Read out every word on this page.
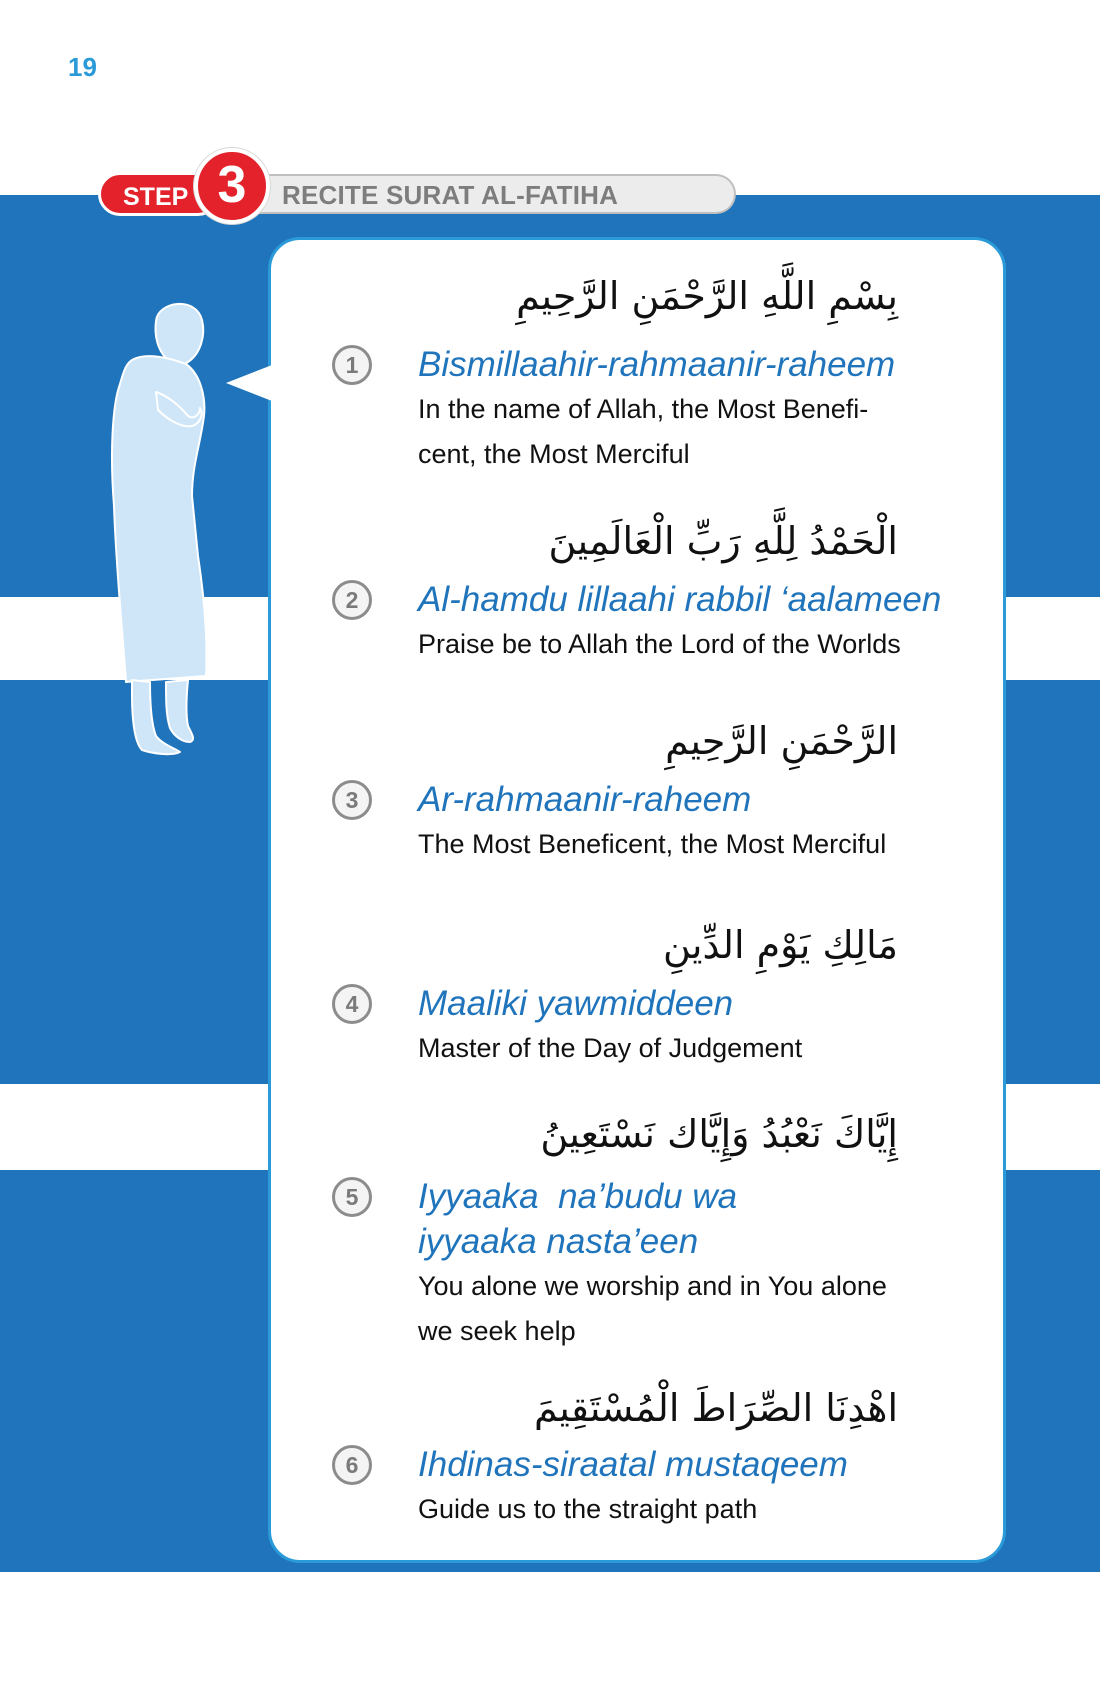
19
RECITE SURAT AL-FATIHA
STEP 3
بِسْمِ اللَّهِ الرَّحْمَنِ الرَّحِيمِ
1	Bismillaahir-rahmaanir-raheem
In the name of Allah, the Most Benefi-cent, the Most Merciful
الْحَمْدُ لِلَّهِ رَبِّ الْعَالَمِينَ
2	Al-hamdu lillaahi rabbil ‘aalameen
Praise be to Allah the Lord of the Worlds
الرَّحْمَنِ الرَّحِيمِ
3	Ar-rahmaanir-raheem
The Most Beneficent, the Most Merciful
مَالِكِ يَوْمِ الدِّينِ
4	Maaliki yawmiddeen
Master of the Day of Judgement
إِيَّاكَ نَعْبُدُ وَإِيَّاك نَسْتَعِينُ
5	Iyyaaka  na’budu wa iyyaaka nasta’een
You alone we worship and in You alone we seek help
اهْدِنَا الصِّرَاطَ الْمُسْتَقِيمَ
6	Ihdinas-siraatal mustaqeem
Guide us to the straight path
